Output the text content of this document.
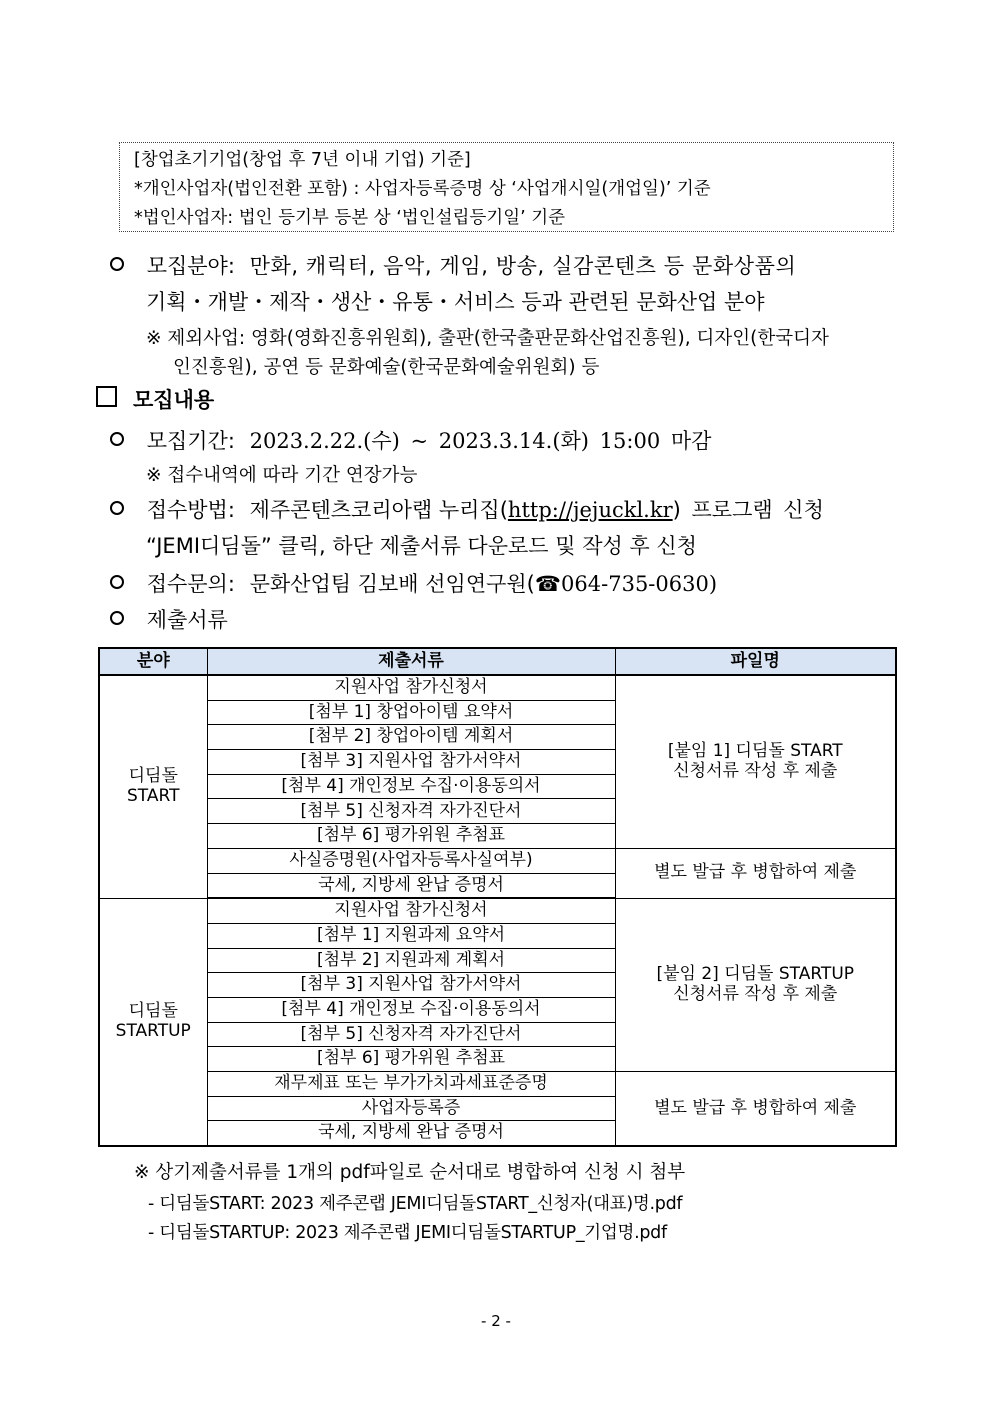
[창업초기기업(창업 후 7년 이내 기업) 기준]
*개인사업자(법인전환 포함) : 사업자등록증명 상 ‘사업개시일(개업일)’ 기준
*법인사업자: 법인 등기부 등본 상 ‘법인설립등기일’ 기준
모집분야: 만화, 캐릭터, 음악, 게임, 방송, 실감콘텐츠 등 문화상품의
기획・개발・제작・생산・유통・서비스 등과 관련된 문화산업 분야
※ 제외사업: 영화(영화진흥위원회), 출판(한국출판문화산업진흥원), 디자인(한국디자
인진흥원), 공연 등 문화예술(한국문화예술위원회) 등
모집내용
모집기간: 2023.2.22.(수) ~ 2023.3.14.(화) 15:00 마감
※ 접수내역에 따라 기간 연장가능
접수방법: 제주콘텐츠코리아랩 누리집(http://jejuckl.kr) 프로그램 신청
“JEMI디딤돌” 클릭, 하단 제출서류 다운로드 및 작성 후 신청
접수문의: 문화산업팀 김보배 선임연구원(☎064-735-0630)
제출서류
분야	제출서류	파일명
디딤돌
START	지원사업 참가신청서	[붙임 1] 디딤돌 START
신청서류 작성 후 제출
	[첨부 1] 창업아이템 요약서	
	[첨부 2] 창업아이템 계획서	
	[첨부 3] 지원사업 참가서약서	
	[첨부 4] 개인정보 수집·이용동의서	
	[첨부 5] 신청자격 자가진단서	
	[첨부 6] 평가위원 추첨표	
	사실증명원(사업자등록사실여부)	별도 발급 후 병합하여 제출
	국세, 지방세 완납 증명서	
디딤돌
STARTUP	지원사업 참가신청서	[붙임 2] 디딤돌 STARTUP
신청서류 작성 후 제출
	[첨부 1] 지원과제 요약서	
	[첨부 2] 지원과제 계획서	
	[첨부 3] 지원사업 참가서약서	
	[첨부 4] 개인정보 수집·이용동의서	
	[첨부 5] 신청자격 자가진단서	
	[첨부 6] 평가위원 추첨표	
	재무제표 또는 부가가치과세표준증명	별도 발급 후 병합하여 제출
	사업자등록증	
	국세, 지방세 완납 증명서	
※ 상기제출서류를 1개의 pdf파일로 순서대로 병합하여 신청 시 첨부
- 디딤돌START: 2023 제주콘랩 JEMI디딤돌START_신청자(대표)명.pdf
- 디딤돌STARTUP: 2023 제주콘랩 JEMI디딤돌STARTUP_기업명.pdf
- 2 -
